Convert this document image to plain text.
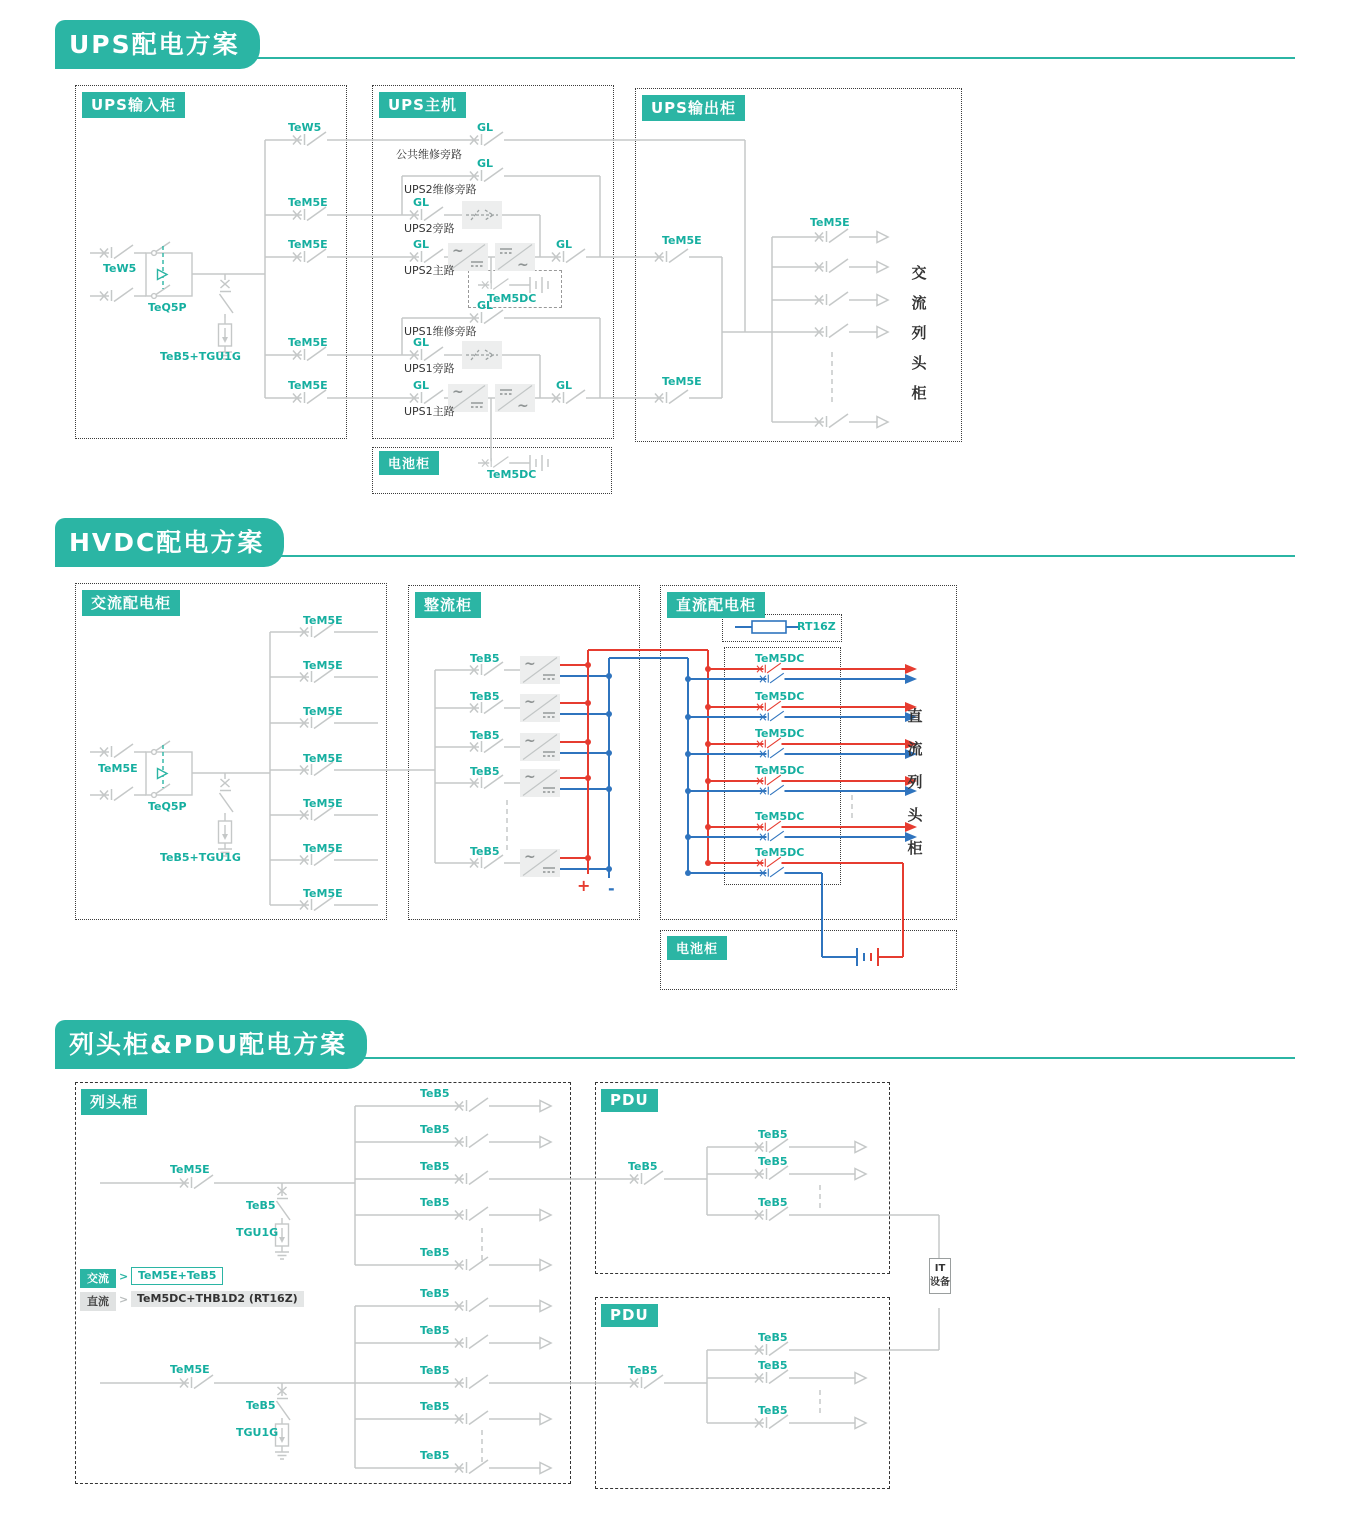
UPS配电方案
HVDC配电方案
列头柜&PDU配电方案
UPS输入柜	UPS主机	UPS输出柜
电池柜
交流配电柜	整流柜	直流配电柜
电池柜
列头柜	PDU
PDU
~
TeW5
TeQ5P
TeB5+TGU1G
TeW5
TeM5E
TeM5E
TeM5E
TeM5E
GL
公共维修旁路
GL
UPS2维修旁路
GL
UPS2旁路
GL
UPS2主路
GL
TeM5DC
GL
UPS1维修旁路
GL
UPS1旁路
GL
UPS1主路
GL
TeM5DC
TeM5E
TeM5E
TeM5E
交流列头柜
TeM5E
TeQ5P
TeB5+TGU1G
TeM5E
TeM5E
TeM5E
TeM5E
TeM5E
TeM5E
TeM5E
TeB5
TeB5
TeB5
TeB5
TeB5
+ -
RT16Z
TeM5DC
TeM5DC
TeM5DC
TeM5DC
TeM5DC
TeM5DC
直流列头柜
TeM5E
TeB5
TGU1G
TeB5
TeB5
TeB5
TeB5
TeB5
TeM5E
TeB5
TGU1G
TeB5
TeB5
TeB5
TeB5
TeB5
TeB5
TeB5
TeB5
TeB5
TeB5
TeB5
TeB5
TeB5
交流 > TeM5E+TeB5
直流 > TeM5DC+THB1D2 (RT16Z)
IT设备
